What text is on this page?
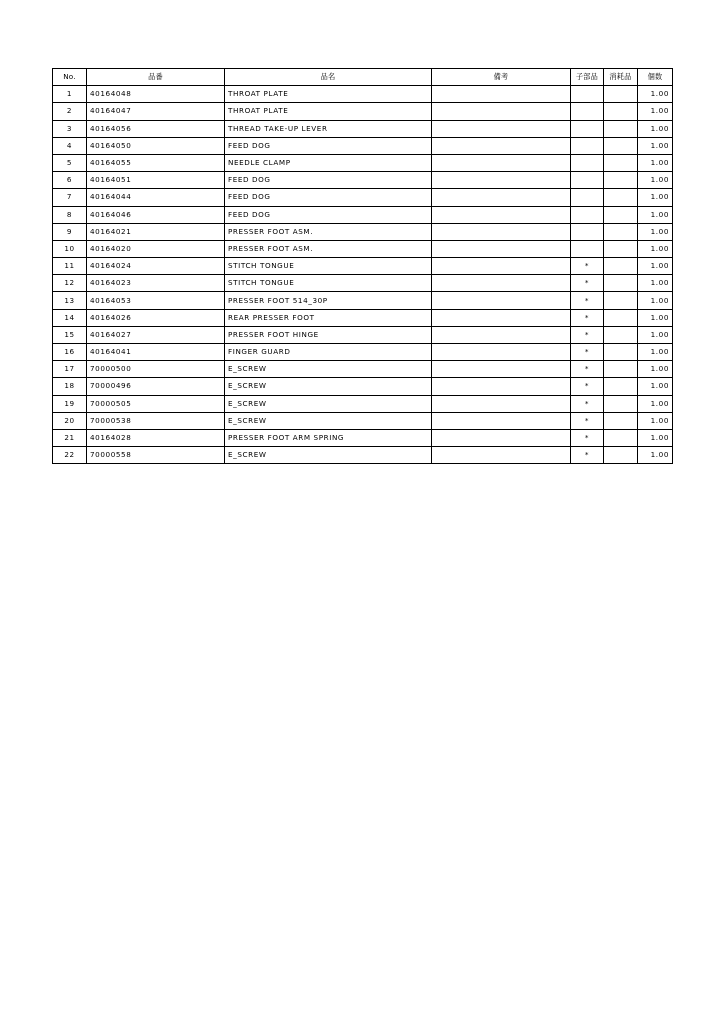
No.	品番	品名	備考	子部品	消耗品	個数
1	40164048	THROAT PLATE				1.00
2	40164047	THROAT PLATE				1.00
3	40164056	THREAD TAKE-UP LEVER				1.00
4	40164050	FEED DOG				1.00
5	40164055	NEEDLE CLAMP				1.00
6	40164051	FEED DOG				1.00
7	40164044	FEED DOG				1.00
8	40164046	FEED DOG				1.00
9	40164021	PRESSER FOOT ASM.				1.00
10	40164020	PRESSER FOOT ASM.				1.00
11	40164024	STITCH TONGUE		*		1.00
12	40164023	STITCH TONGUE		*		1.00
13	40164053	PRESSER FOOT 514_30P		*		1.00
14	40164026	REAR PRESSER FOOT		*		1.00
15	40164027	PRESSER FOOT HINGE		*		1.00
16	40164041	FINGER GUARD		*		1.00
17	70000500	E_SCREW		*		1.00
18	70000496	E_SCREW		*		1.00
19	70000505	E_SCREW		*		1.00
20	70000538	E_SCREW		*		1.00
21	40164028	PRESSER FOOT ARM SPRING		*		1.00
22	70000558	E_SCREW		*		1.00
